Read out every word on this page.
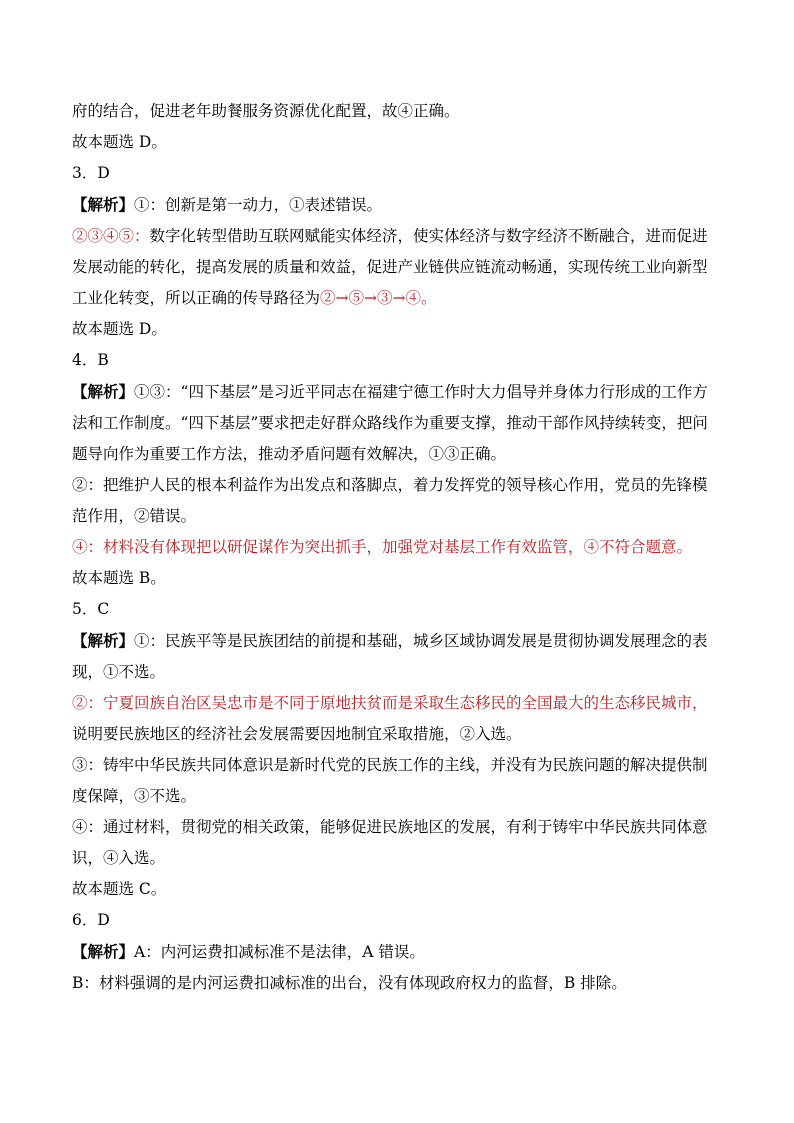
府的结合，促进老年助餐服务资源优化配置，故④正确。

故本题选 D。

3．D

【解析】①：创新是第一动力，①表述错误。

②③④⑤：数字化转型借助互联网赋能实体经济，使实体经济与数字经济不断融合，进而促进

发展动能的转化，提高发展的质量和效益，促进产业链供应链流动畅通，实现传统工业向新型

工业化转变，所以正确的传导路径为②→⑤→③→④。

故本题选 D。

4．B

【解析】①③：“四下基层”是习近平同志在福建宁德工作时大力倡导并身体力行形成的工作方

法和工作制度。“四下基层”要求把走好群众路线作为重要支撑，推动干部作风持续转变，把问

题导向作为重要工作方法，推动矛盾问题有效解决，①③正确。

②：把维护人民的根本利益作为出发点和落脚点，着力发挥党的领导核心作用，党员的先锋模

范作用，②错误。

④：材料没有体现把以研促谋作为突出抓手，加强党对基层工作有效监管，④不符合题意。

故本题选 B。

5．C

【解析】①：民族平等是民族团结的前提和基础，城乡区域协调发展是贯彻协调发展理念的表

现，①不选。

②：宁夏回族自治区吴忠市是不同于原地扶贫而是采取生态移民的全国最大的生态移民城市，

说明要民族地区的经济社会发展需要因地制宜采取措施，②入选。

③：铸牢中华民族共同体意识是新时代党的民族工作的主线，并没有为民族问题的解决提供制

度保障，③不选。

④：通过材料，贯彻党的相关政策，能够促进民族地区的发展，有利于铸牢中华民族共同体意

识，④入选。

故本题选 C。

6．D

【解析】A：内河运费扣减标准不是法律，A 错误。

B：材料强调的是内河运费扣减标准的出台，没有体现政府权力的监督，B 排除。
